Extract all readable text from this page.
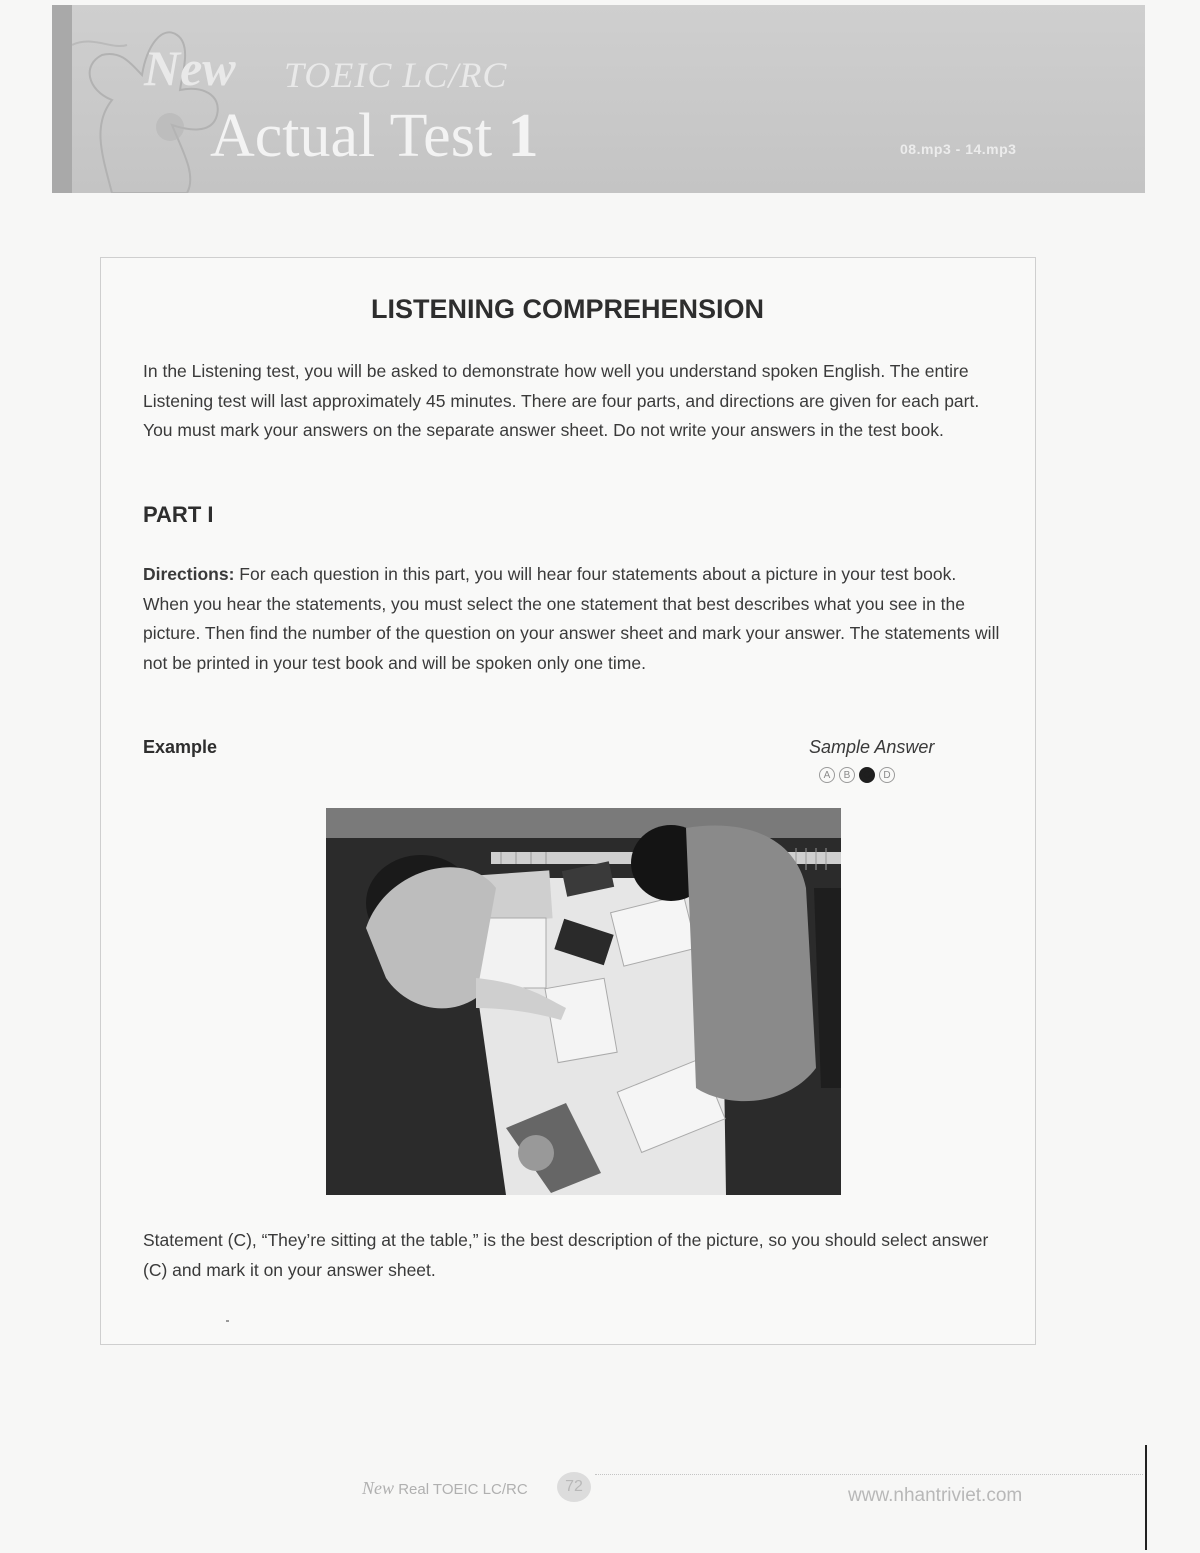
New TOEIC LC/RC
Actual Test 1	08.mp3 - 14.mp3
LISTENING COMPREHENSION

In the Listening test, you will be asked to demonstrate how well you understand spoken English. The entire Listening test will last approximately 45 minutes. There are four parts, and directions are given for each part. You must mark your answers on the separate answer sheet. Do not write your answers in the test book.

PART I

Directions: For each question in this part, you will hear four statements about a picture in your test book. When you hear the statements, you must select the one statement that best describes what you see in the picture. Then find the number of the question on your answer sheet and mark your answer. The statements will not be printed in your test book and will be spoken only one time.

Example	Sample Answer
A	B	C	D

Statement (C), “They’re sitting at the table,” is the best description of the picture, so you should select answer (C) and mark it on your answer sheet.

New Real TOEIC LC/RC	72	www.nhantriviet.com
